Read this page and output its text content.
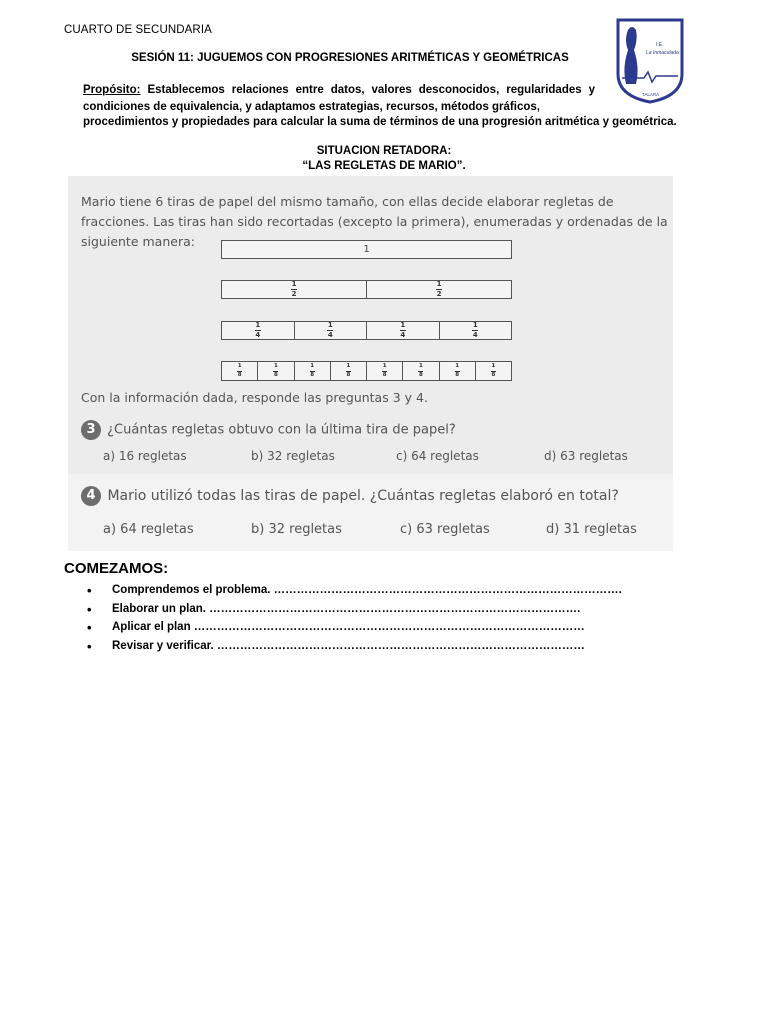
CUARTO DE SECUNDARIA
SESIÓN 11: JUGUEMOS CON PROGRESIONES ARITMÉTICAS Y GEOMÉTRICAS
Propósito: Establecemos relaciones entre datos, valores desconocidos, regularidades y condiciones de equivalencia, y adaptamos estrategias, recursos, métodos gráficos,
procedimientos y propiedades para calcular la suma de términos de una progresión aritmética y geométrica.
I.E.
La Inmaculada
TALARA
SITUACION RETADORA:
“LAS REGLETAS DE MARIO”.
Mario tiene 6 tiras de papel del mismo tamaño, con ellas decide elaborar regletas de fracciones. Las tiras han sido recortadas (excepto la primera), enumeradas y ordenadas de la siguiente manera:
1
$\frac{1}{2}$	$\frac{1}{2}$
$\frac{1}{4}$	$\frac{1}{4}$	$\frac{1}{4}$	$\frac{1}{4}$
$\frac{1}{8}$	$\frac{1}{8}$	$\frac{1}{8}$	$\frac{1}{8}$	$\frac{1}{8}$	$\frac{1}{8}$	$\frac{1}{8}$	$\frac{1}{8}$
Con la información dada, responde las preguntas 3 y 4.
3 ¿Cuántas regletas obtuvo con la última tira de papel?
a) 16 regletas	b) 32 regletas	c) 64 regletas	d) 63 regletas
4 Mario utilizó todas las tiras de papel. ¿Cuántas regletas elaboró en total?
a) 64 regletas	b) 32 regletas	c) 63 regletas	d) 31 regletas
COMEZAMOS:
• Comprendemos el problema. ……………………………………………………………………………….
• Elaborar un plan. …………………………………………………………………………………….
• Aplicar el plan …………………………………………………………………………………………
• Revisar y verificar. ……………………………………………………………………………………
